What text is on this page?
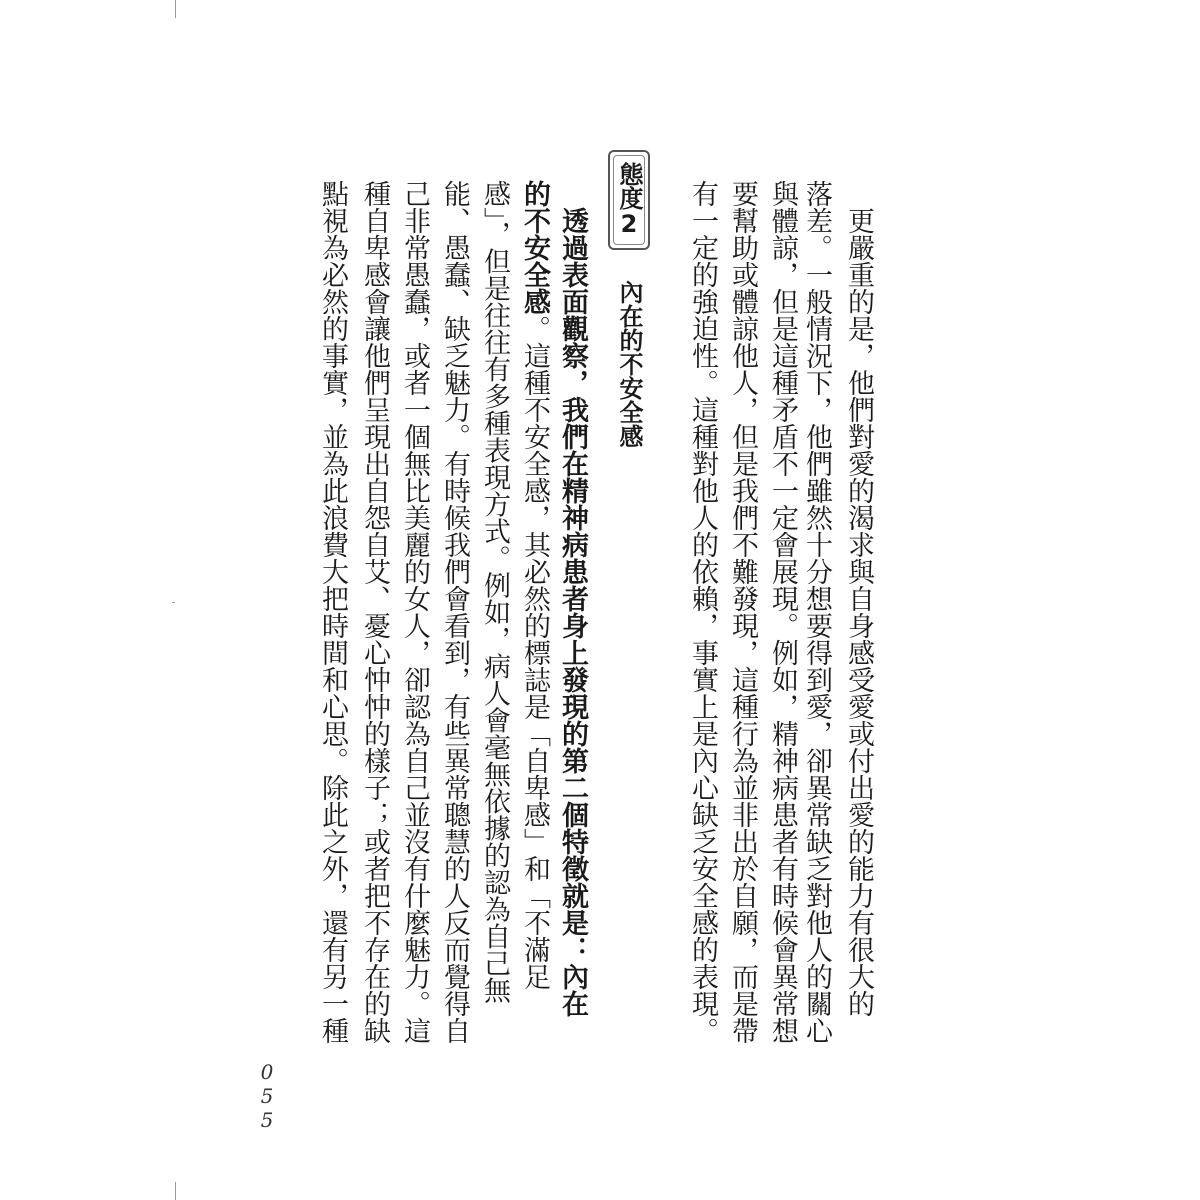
　更嚴重的是，他們對愛的渴求與自身感受愛或付出愛的能力有很大的
落差。一般情況下，他們雖然十分想要得到愛，卻異常缺乏對他人的關心
與體諒，但是這種矛盾不一定會展現。例如，精神病患者有時候會異常想
要幫助或體諒他人，但是我們不難發現，這種行為並非出於自願，而是帶
有一定的強迫性。這種對他人的依賴，事實上是內心缺乏安全感的表現。
態度2
內在的不安全感
　透過表面觀察，我們在精神病患者身上發現的第二個特徵就是：內在
的不安全感。這種不安全感，其必然的標誌是「自卑感」和「不滿足
感」，但是往往有多種表現方式。例如，病人會毫無依據的認為自己無
能、愚蠢、缺乏魅力。有時候我們會看到，有些異常聰慧的人反而覺得自
己非常愚蠢，或者一個無比美麗的女人，卻認為自己並沒有什麼魅力。這
種自卑感會讓他們呈現出自怨自艾、憂心忡忡的樣子；或者把不存在的缺
點視為必然的事實，並為此浪費大把時間和心思。除此之外，還有另一種
055
